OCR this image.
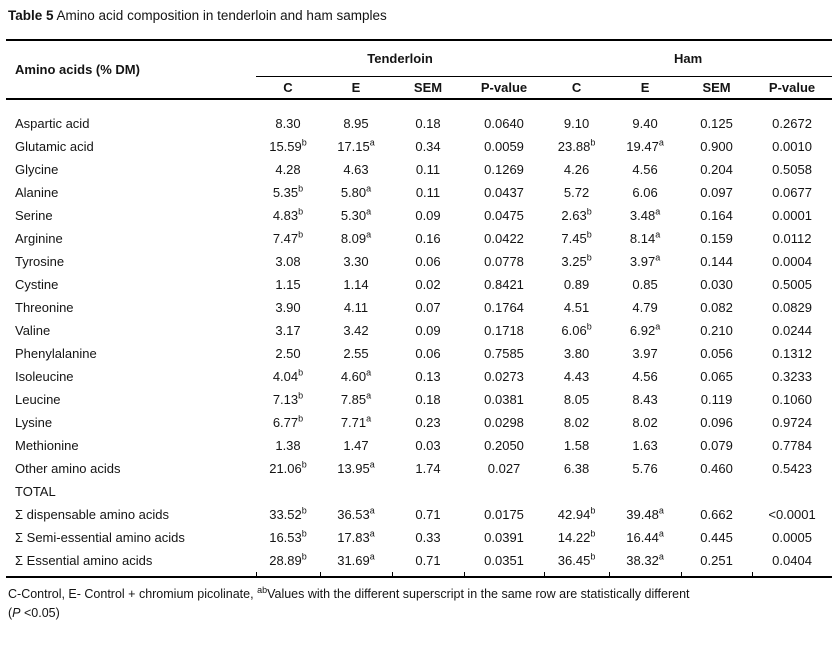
Table 5 Amino acid composition in tenderloin and ham samples
Amino acids (% DM)	Tenderloin				Ham			
	C	E	SEM	P-value	C	E	SEM	P-value

Aspartic acid	8.30	8.95	0.18	0.0640	9.10	9.40	0.125	0.2672
Glutamic acid	15.59$^b$	17.15$^a$	0.34	0.0059	23.88$^b$	19.47$^a$	0.900	0.0010
Glycine	4.28	4.63	0.11	0.1269	4.26	4.56	0.204	0.5058
Alanine	5.35$^b$	5.80$^a$	0.11	0.0437	5.72	6.06	0.097	0.0677
Serine	4.83$^b$	5.30$^a$	0.09	0.0475	2.63$^b$	3.48$^a$	0.164	0.0001
Arginine	7.47$^b$	8.09$^a$	0.16	0.0422	7.45$^b$	8.14$^a$	0.159	0.0112
Tyrosine	3.08	3.30	0.06	0.0778	3.25$^b$	3.97$^a$	0.144	0.0004
Cystine	1.15	1.14	0.02	0.8421	0.89	0.85	0.030	0.5005
Threonine	3.90	4.11	0.07	0.1764	4.51	4.79	0.082	0.0829
Valine	3.17	3.42	0.09	0.1718	6.06$^b$	6.92$^a$	0.210	0.0244
Phenylalanine	2.50	2.55	0.06	0.7585	3.80	3.97	0.056	0.1312
Isoleucine	4.04$^b$	4.60$^a$	0.13	0.0273	4.43	4.56	0.065	0.3233
Leucine	7.13$^b$	7.85$^a$	0.18	0.0381	8.05	8.43	0.119	0.1060
Lysine	6.77$^b$	7.71$^a$	0.23	0.0298	8.02	8.02	0.096	0.9724
Methionine	1.38	1.47	0.03	0.2050	1.58	1.63	0.079	0.7784
Other amino acids	21.06$^b$	13.95$^a$	1.74	0.027	6.38	5.76	0.460	0.5423
TOTAL								
Σ dispensable amino acids	33.52$^b$	36.53$^a$	0.71	0.0175	42.94$^b$	39.48$^a$	0.662	<0.0001
Σ Semi-essential amino acids	16.53$^b$	17.83$^a$	0.33	0.0391	14.22$^b$	16.44$^a$	0.445	0.0005
Σ Essential amino acids	28.89$^b$	31.69$^a$	0.71	0.0351	36.45$^b$	38.32$^a$	0.251	0.0404

C-Control, E- Control + chromium picolinate, $^{ab}$Values with the different superscript in the same row are statistically different
(P <0.05)
